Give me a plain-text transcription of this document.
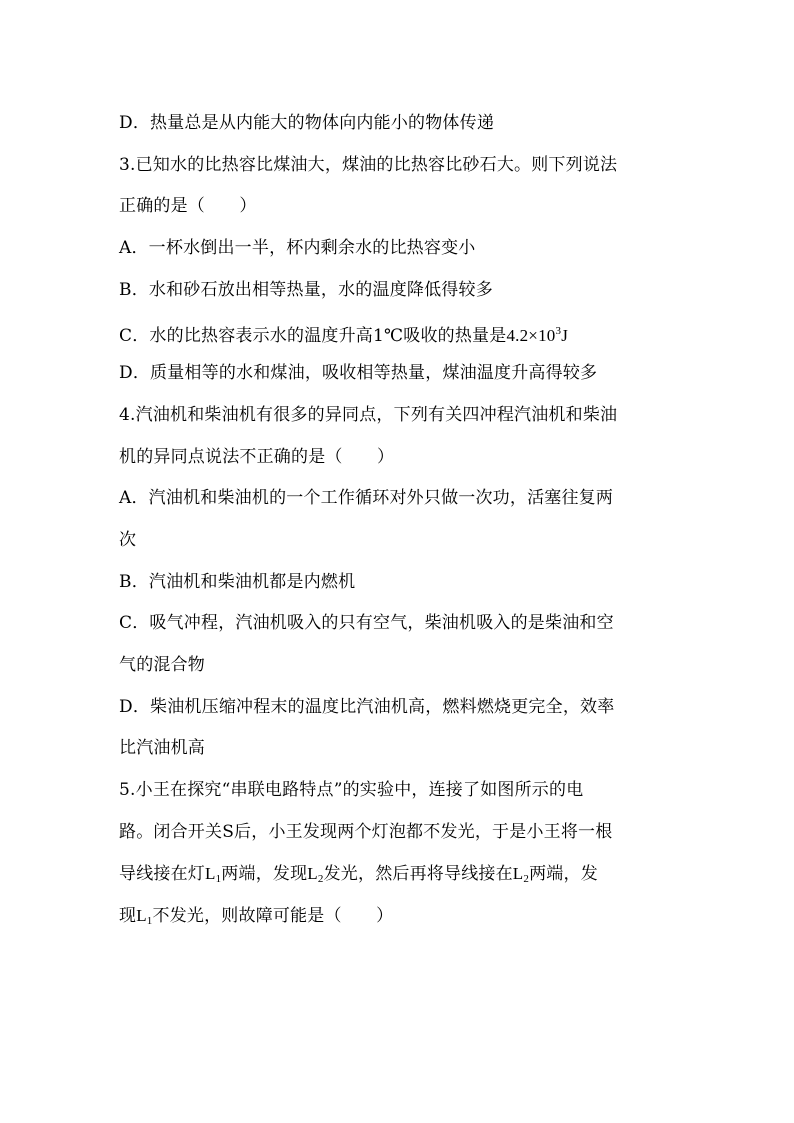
D．热量总是从内能大的物体向内能小的物体传递
3.已知水的比热容比煤油大，煤油的比热容比砂石大。则下列说法
正确的是（　　）
A．一杯水倒出一半，杯内剩余水的比热容变小
B．水和砂石放出相等热量，水的温度降低得较多
C．水的比热容表示水的温度升高1℃吸收的热量是$4.2\times 10^3J$
D．质量相等的水和煤油，吸收相等热量，煤油温度升高得较多
4.汽油机和柴油机有很多的异同点，下列有关四冲程汽油机和柴油
机的异同点说法不正确的是（　　）
A．汽油机和柴油机的一个工作循环对外只做一次功，活塞往复两
次
B．汽油机和柴油机都是内燃机
C．吸气冲程，汽油机吸入的只有空气，柴油机吸入的是柴油和空
气的混合物
D．柴油机压缩冲程末的温度比汽油机高，燃料燃烧更完全，效率
比汽油机高
5.小王在探究“串联电路特点”的实验中，连接了如图所示的电
路。闭合开关S后，小王发现两个灯泡都不发光，于是小王将一根
导线接在灯$L_1$两端，发现$L_2$发光，然后再将导线接在$L_2$两端，发
现$L_1$不发光，则故障可能是（　　）
